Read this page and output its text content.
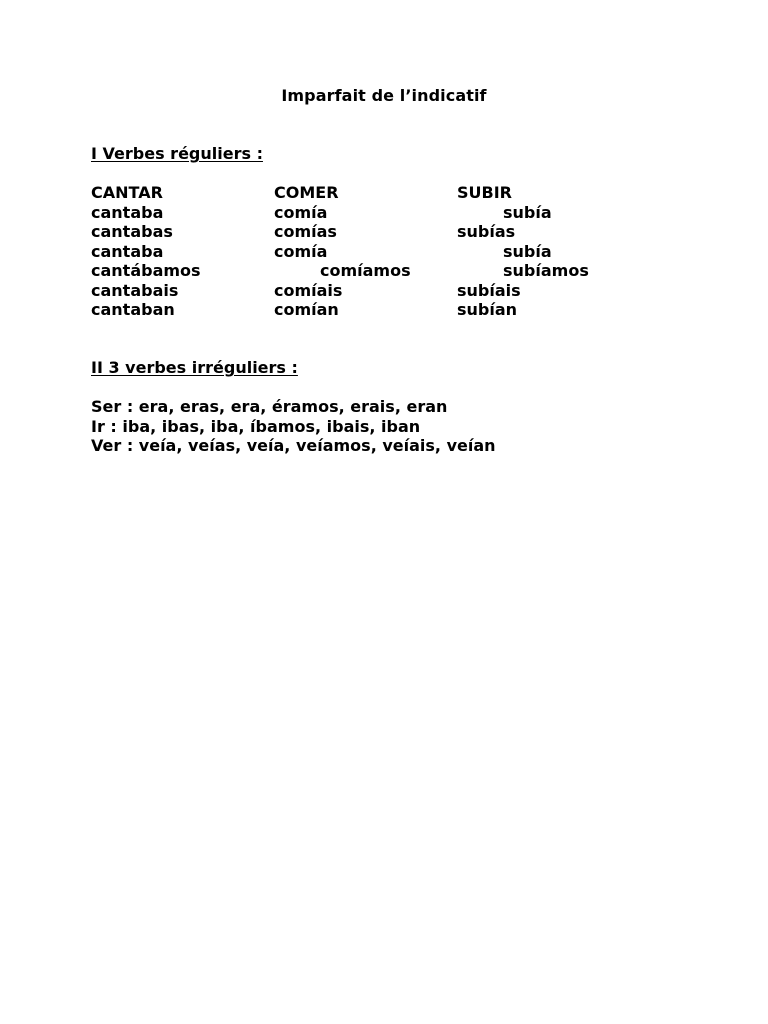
Imparfait de l’indicatif
I Verbes réguliers :
CANTAR	COMER	SUBIR
cantaba	comía	subía
cantabas	comías	subías
cantaba	comía	subía
cantábamos	comíamos	subíamos
cantabais	comíais	subíais
cantaban	comían	subían
II 3 verbes irréguliers :
Ser : era, eras, era, éramos, erais, eran
Ir : iba, ibas, iba, íbamos, ibais, iban
Ver : veía, veías, veía, veíamos, veíais, veían
